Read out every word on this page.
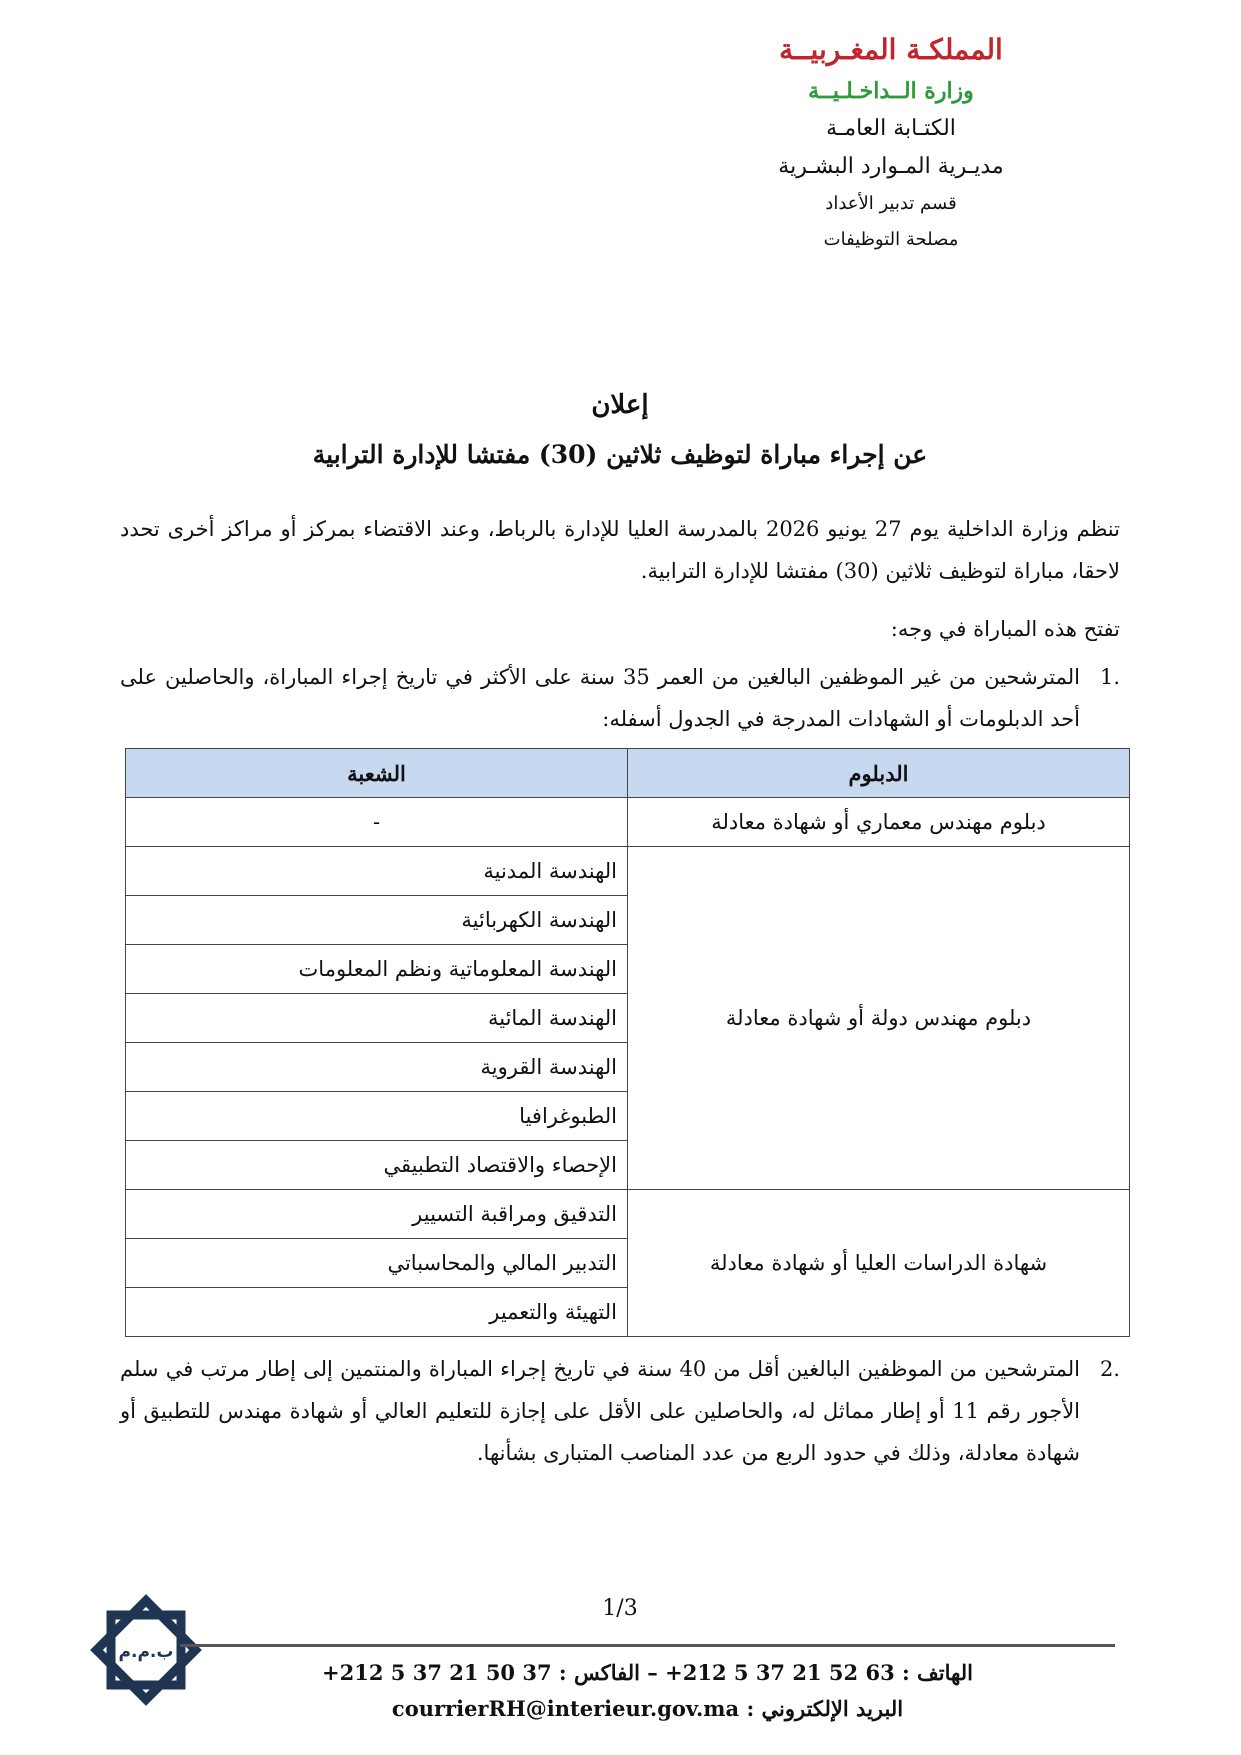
المملكـة المغـربيــة
وزارة الــداخـلـيــة
الكتـابة العامـة
مديـرية المـوارد البشـرية
قسم تدبير الأعداد
مصلحة التوظيفات
إعلان
عن إجراء مباراة لتوظيف ثلاثين (30) مفتشا للإدارة الترابية
تنظم وزارة الداخلية يوم 27 يونيو 2026 بالمدرسة العليا للإدارة بالرباط، وعند الاقتضاء بمركز أو مراكز أخرى تحدد لاحقا، مباراة لتوظيف ثلاثين (30) مفتشا للإدارة الترابية.
تفتح هذه المباراة في وجه:
.1
المترشحين من غير الموظفين البالغين من العمر 35 سنة على الأكثر في تاريخ إجراء المباراة، والحاصلين على أحد الدبلومات أو الشهادات المدرجة في الجدول أسفله:
الدبلوم	الشعبة
دبلوم مهندس معماري أو شهادة معادلة	-
دبلوم مهندس دولة أو شهادة معادلة	الهندسة المدنية
	الهندسة الكهربائية
	الهندسة المعلوماتية ونظم المعلومات
	الهندسة المائية
	الهندسة القروية
	الطبوغرافيا
	الإحصاء والاقتصاد التطبيقي
شهادة الدراسات العليا أو شهادة معادلة	التدقيق ومراقبة التسيير
	التدبير المالي والمحاسباتي
	التهيئة والتعمير
.2
المترشحين من الموظفين البالغين أقل من 40 سنة في تاريخ إجراء المباراة والمنتمين إلى إطار مرتب في سلم الأجور رقم 11 أو إطار مماثل له، والحاصلين على الأقل على إجازة للتعليم العالي أو شهادة مهندس للتطبيق أو شهادة معادلة، وذلك في حدود الربع من عدد المناصب المتبارى بشأنها.
1/3
ب.م.م
الهاتف : 63 52 21 37 5 212+ – الفاكس : 37 50 21 37 5 212+
البريد الإلكتروني : courrierRH@interieur.gov.ma
